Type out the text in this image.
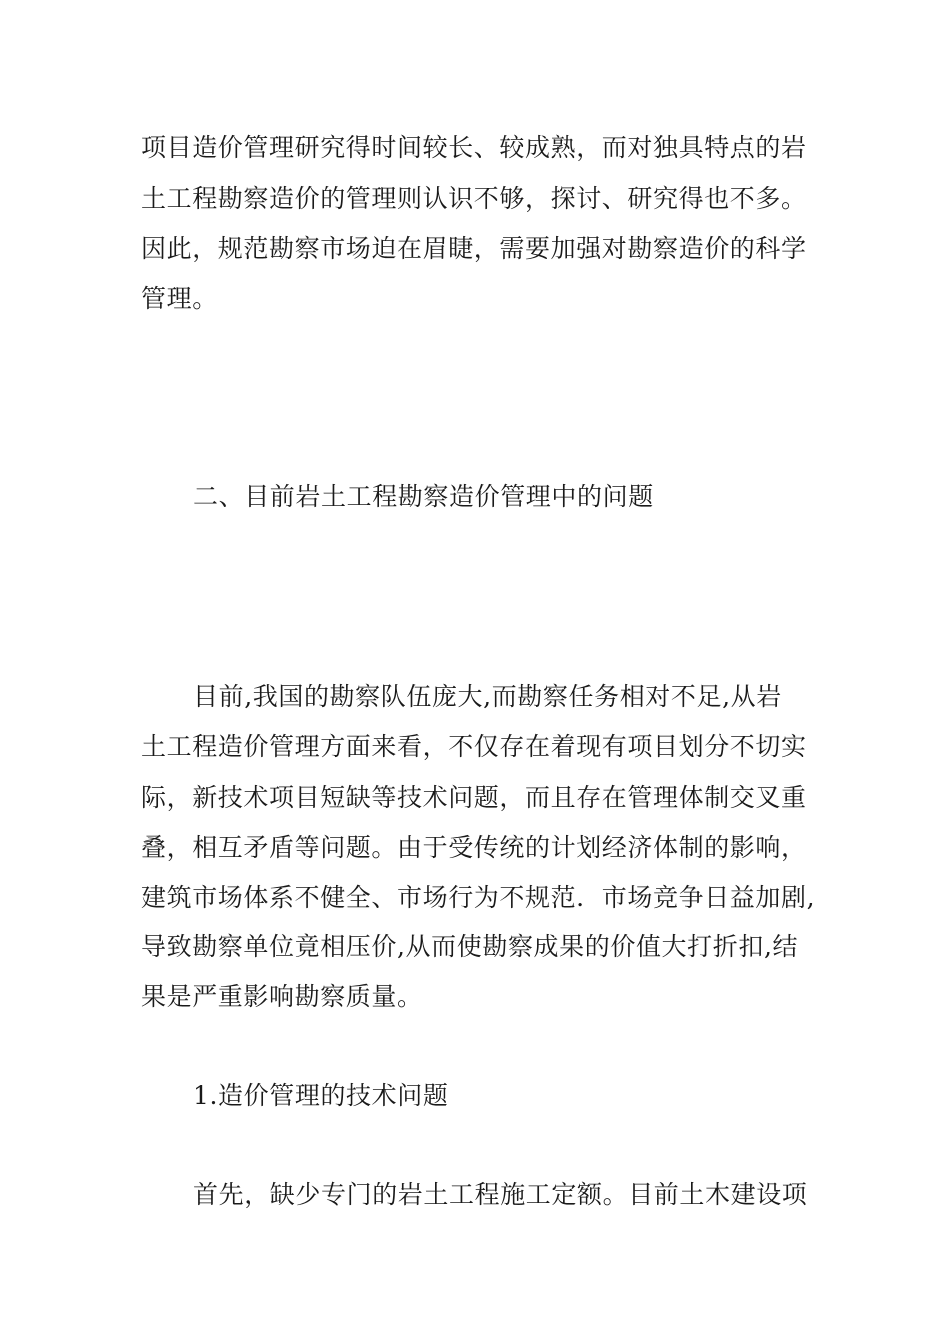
项目造价管理研究得时间较长、较成熟，而对独具特点的岩
土工程勘察造价的管理则认识不够，探讨、研究得也不多。
因此，规范勘察市场迫在眉睫，需要加强对勘察造价的科学
管理。
二、目前岩土工程勘察造价管理中的问题
目前,我国的勘察队伍庞大,而勘察任务相对不足,从岩
土工程造价管理方面来看，不仅存在着现有项目划分不切实
际，新技术项目短缺等技术问题，而且存在管理体制交叉重
叠，相互矛盾等问题。由于受传统的计划经济体制的影响，
建筑市场体系不健全、市场行为不规范．市场竞争日益加剧,
导致勘察单位竟相压价,从而使勘察成果的价值大打折扣,结
果是严重影响勘察质量。
1.造价管理的技术问题
首先，缺少专门的岩土工程施工定额。目前土木建设项
